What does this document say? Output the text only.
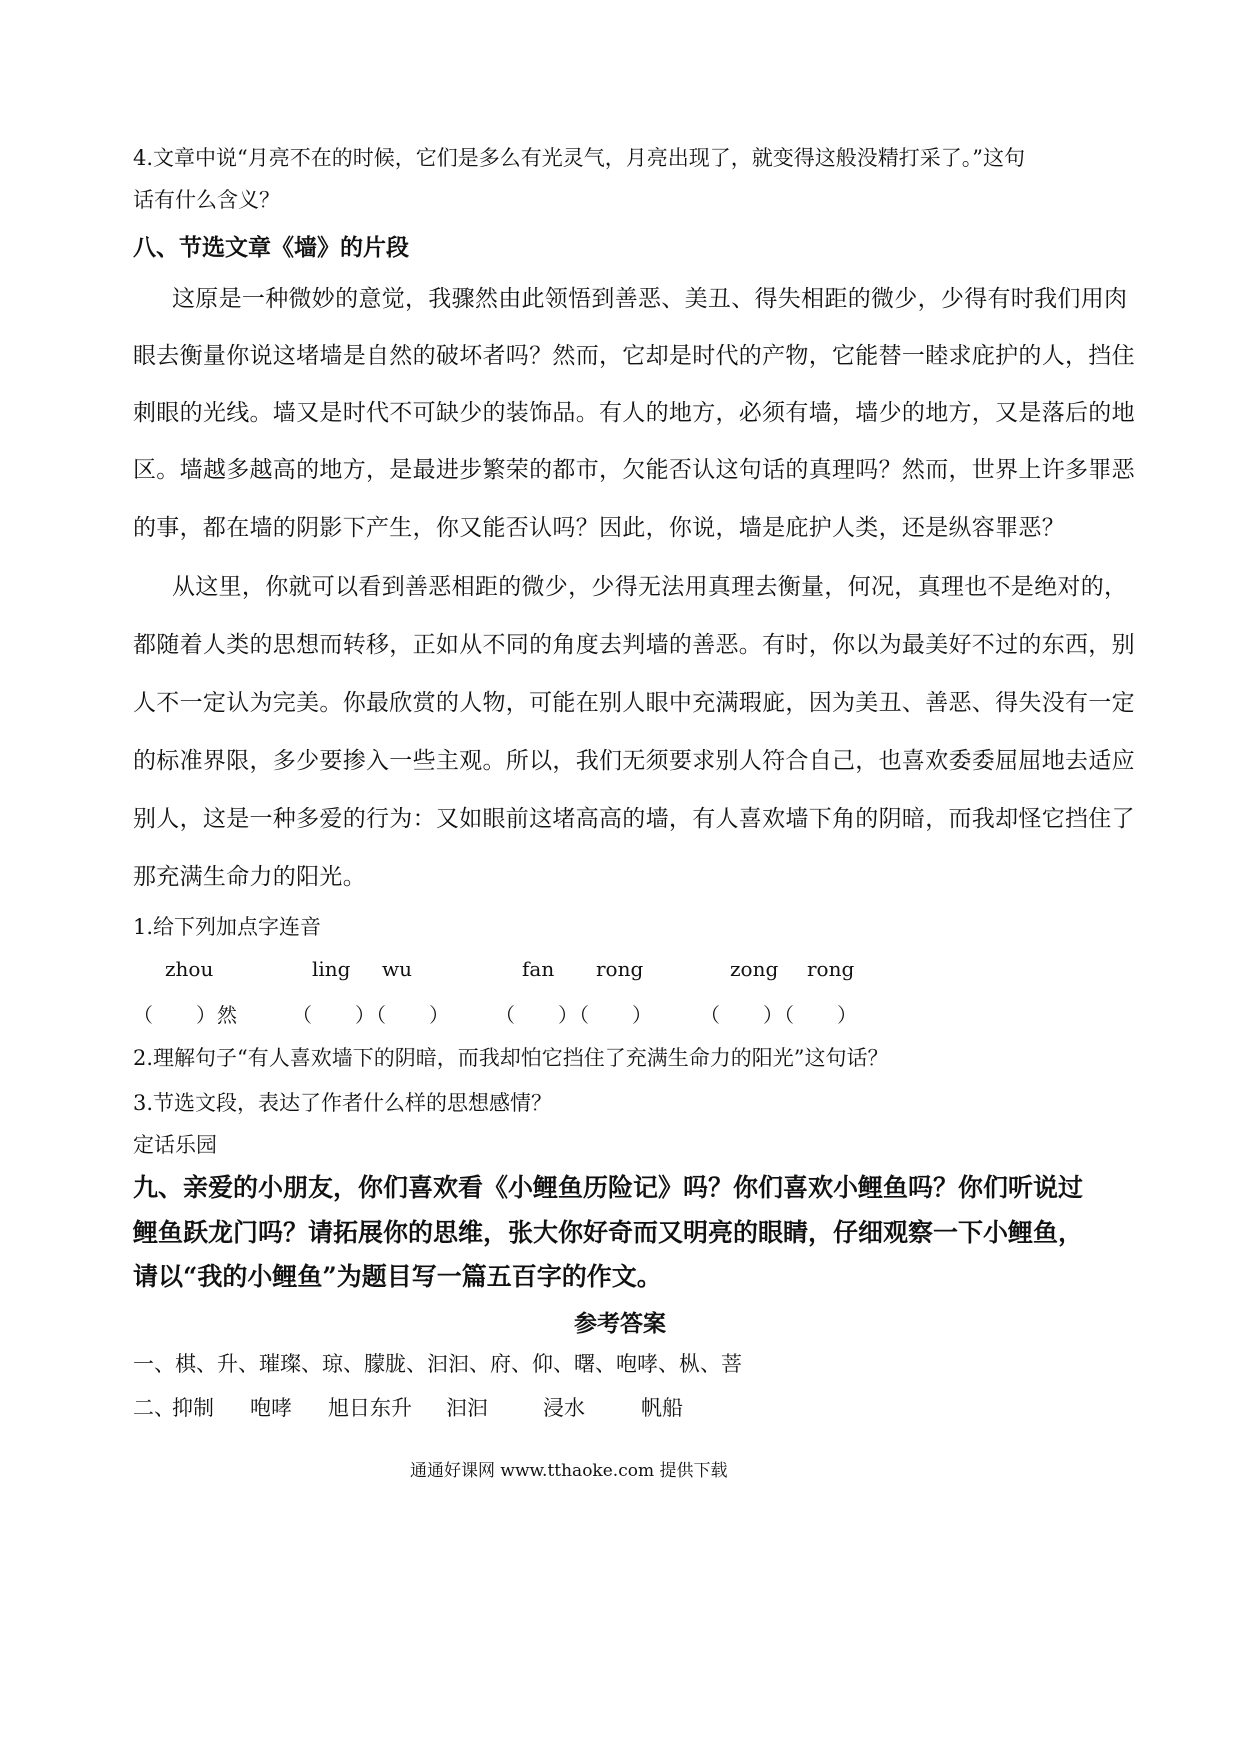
4.文章中说“月亮不在的时候，它们是多么有光灵气，月亮出现了，就变得这般没精打采了。”这句
话有什么含义？
八、节选文章《墙》的片段
这原是一种微妙的意觉，我骤然由此领悟到善恶、美丑、得失相距的微少，少得有时我们用肉
眼去衡量你说这堵墙是自然的破坏者吗？然而，它却是时代的产物，它能替一睦求庇护的人，挡住
刺眼的光线。墙又是时代不可缺少的装饰品。有人的地方，必须有墙，墙少的地方，又是落后的地
区。墙越多越高的地方，是最进步繁荣的都市，欠能否认这句话的真理吗？然而，世界上许多罪恶
的事，都在墙的阴影下产生，你又能否认吗？因此，你说，墙是庇护人类，还是纵容罪恶？
从这里，你就可以看到善恶相距的微少，少得无法用真理去衡量，何况，真理也不是绝对的，
都随着人类的思想而转移，正如从不同的角度去判墙的善恶。有时，你以为最美好不过的东西，别
人不一定认为完美。你最欣赏的人物，可能在别人眼中充满瑕庛，因为美丑、善恶、得失没有一定
的标准界限，多少要掺入一些主观。所以，我们无须要求别人符合自己，也喜欢委委屈屈地去适应
别人，这是一种多爱的行为：又如眼前这堵高高的墙，有人喜欢墙下角的阴暗，而我却怪它挡住了
那充满生命力的阳光。
1.给下列加点字连音
zhou	ling wu	fan rong	zong rong
（　　）然	（　　）（　　） （　　）（　　） （　　）（　　）
2.理解句子“有人喜欢墙下的阴暗，而我却怕它挡住了充满生命力的阳光”这句话？
3.节选文段，表达了作者什么样的思想感情？
定话乐园
九、亲爱的小朋友，你们喜欢看《小鲤鱼历险记》吗？你们喜欢小鲤鱼吗？你们听说过
鲤鱼跃龙门吗？请拓展你的思维，张大你好奇而又明亮的眼睛，仔细观察一下小鲤鱼，
请以“我的小鲤鱼”为题目写一篇五百字的作文。
参考答案
一、棋、升、璀璨、琼、朦胧、汩汩、府、仰、曙、咆哮、枞、菩
二、
抑制 咆哮 旭日东升 汩汩	浸水	帆船
通通好课网 www.tthaoke.com 提供下载
